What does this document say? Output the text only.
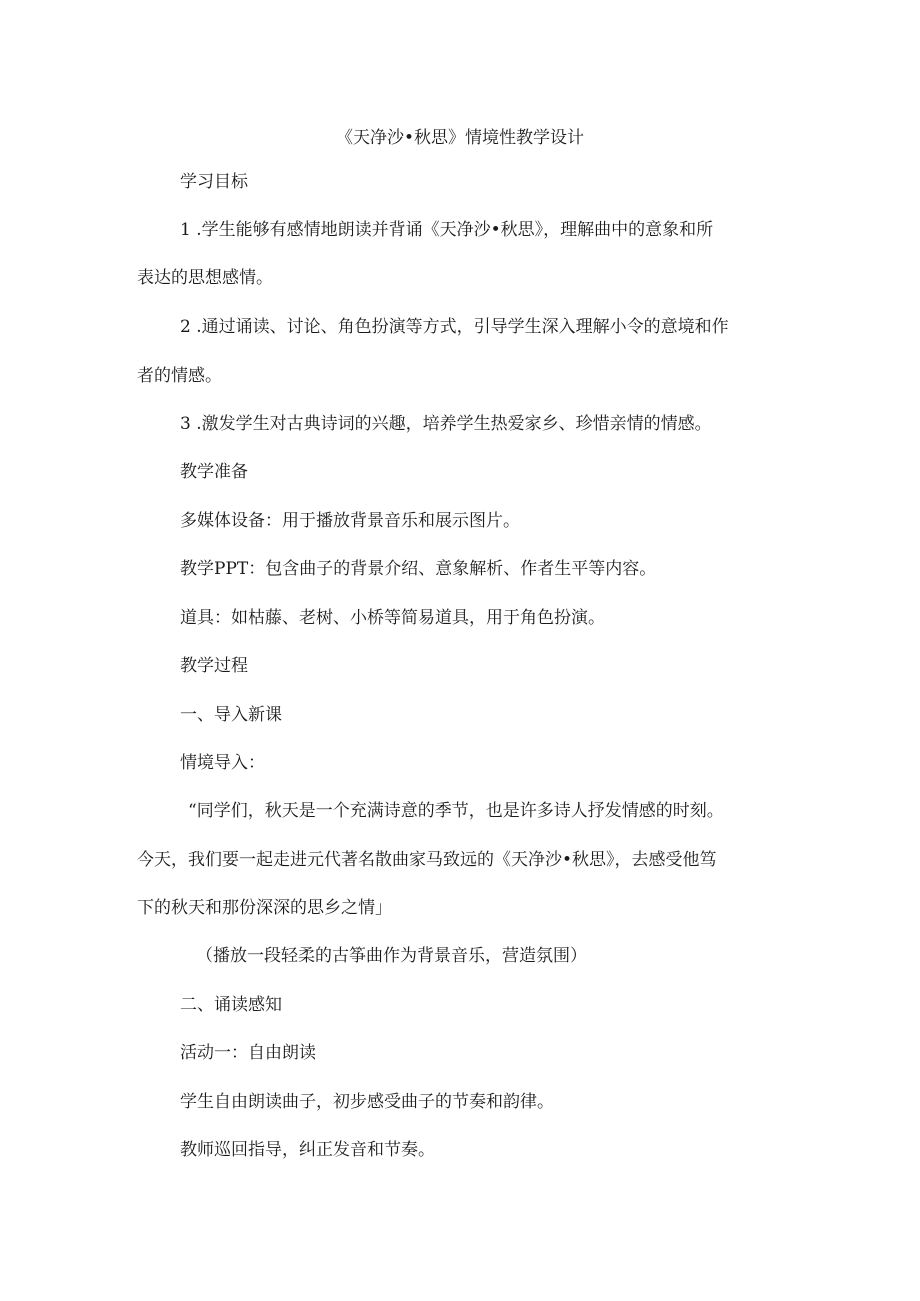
《天净沙•秋思》情境性教学设计
学习目标
1 .学生能够有感情地朗读并背诵《天净沙•秋思》，理解曲中的意象和所
表达的思想感情。
2 .通过诵读、讨论、角色扮演等方式，引导学生深入理解小令的意境和作
者的情感。
3 .激发学生对古典诗词的兴趣，培养学生热爱家乡、珍惜亲情的情感。
教学准备
多媒体设备：用于播放背景音乐和展示图片。
教学PPT：包含曲子的背景介绍、意象解析、作者生平等内容。
道具：如枯藤、老树、小桥等简易道具，用于角色扮演。
教学过程
一、导入新课
情境导入：
“同学们，秋天是一个充满诗意的季节，也是许多诗人抒发情感的时刻。
今天，我们要一起走进元代著名散曲家马致远的《天净沙•秋思》，去感受他笃
下的秋天和那份深深的思乡之情」
（播放一段轻柔的古筝曲作为背景音乐，营造氛围）
二、诵读感知
活动一：自由朗读
学生自由朗读曲子，初步感受曲子的节奏和韵律。
教师巡回指导，纠正发音和节奏。
